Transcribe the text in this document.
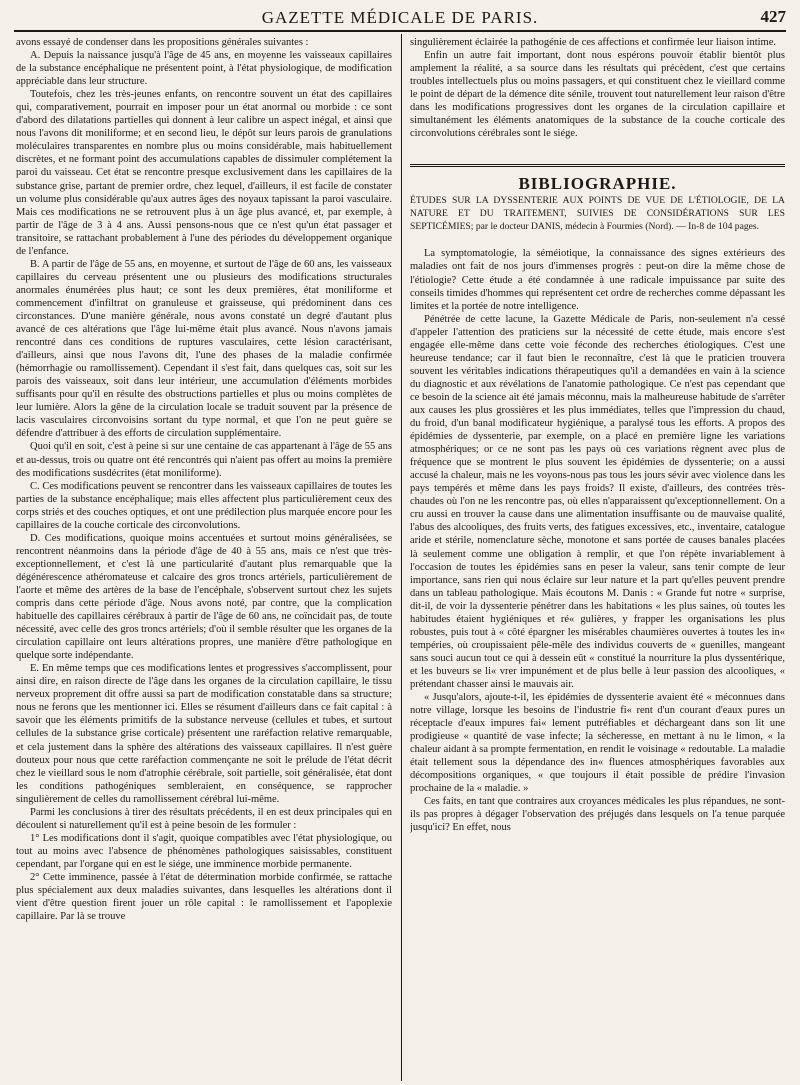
GAZETTE MÉDICALE DE PARIS.	427

avons essayé de condenser dans les propositions générales suivantes :

A. Depuis la naissance jusqu'à l'âge de 45 ans, en moyenne les vaisseaux capillaires de la substance encéphalique ne présentent point, à l'état physiologique, de modification appréciable dans leur structure.

Toutefois, chez les très-jeunes enfants, on rencontre souvent un état des capillaires qui, comparativement, pourrait en imposer pour un état anormal ou morbide : ce sont d'abord des dilatations partielles qui donnent à leur calibre un aspect inégal, et ainsi que nous l'avons dit moniliforme; et en second lieu, le dépôt sur leurs parois de granulations moléculaires transparentes en nombre plus ou moins considérable, mais habituellement discrètes, et ne formant point des accumulations capables de dissimuler complétement la paroi du vaisseau. Cet état se rencontre presque exclusivement dans les capillaires de la substance grise, partant de premier ordre, chez lequel, d'ailleurs, il est facile de constater un volume plus considérable qu'aux autres âges des noyaux tapissant la paroi vasculaire. Mais ces modifications ne se retrouvent plus à un âge plus avancé, et, par exemple, à partir de l'âge de 3 à 4 ans. Aussi pensons-nous que ce n'est qu'un état passager et transitoire, se rattachant probablement à l'une des périodes du développement organique de l'enfance.

B. A partir de l'âge de 55 ans, en moyenne, et surtout de l'âge de 60 ans, les vaisseaux capillaires du cerveau présentent une ou plusieurs des modifications structurales anormales énumérées plus haut; ce sont les deux premières, état moniliforme et commencement d'infiltrat on granuleuse et graisseuse, qui prédominent dans ces circonstances. D'une manière générale, nous avons constaté un degré d'autant plus avancé de ces altérations que l'âge lui-même était plus avancé. Nous n'avons jamais rencontré dans ces conditions de ruptures vasculaires, cette lésion caractérisant, d'ailleurs, ainsi que nous l'avons dit, l'une des phases de la maladie confirmée (hémorrhagie ou ramollissement). Cependant il s'est fait, dans quelques cas, soit sur les parois des vaisseaux, soit dans leur intérieur, une accumulation d'éléments morbides suffisants pour qu'il en résulte des obstructions partielles et plus ou moins complètes de leur lumière. Alors la gêne de la circulation locale se traduit souvent par la présence de lacis vasculaires circonvoisins sortant du type normal, et que l'on ne peut guère se défendre d'attribuer à des efforts de circulation supplémentaire.

Quoi qu'il en soit, c'est à peine si sur une centaine de cas appartenant à l'âge de 55 ans et au-dessus, trois ou quatre ont été rencontrés qui n'aient pas offert au moins la première des modifications susdécrites (état moniliforme).

C. Ces modifications peuvent se rencontrer dans les vaisseaux capillaires de toutes les parties de la substance encéphalique; mais elles affectent plus particulièrement ceux des corps striés et des couches optiques, et ont une prédilection plus marquée encore pour les capillaires de la couche corticale des circonvolutions.

D. Ces modifications, quoique moins accentuées et surtout moins généralisées, se rencontrent néanmoins dans la période d'âge de 40 à 55 ans, mais ce n'est que très-exceptionnellement, et c'est là une particularité d'autant plus remarquable que la dégénérescence athéromateuse et calcaire des gros troncs artériels, particulièrement de l'aorte et même des artères de la base de l'encéphale, s'observent surtout chez les sujets compris dans cette période d'âge. Nous avons noté, par contre, que la complication habituelle des capillaires cérébraux à partir de l'âge de 60 ans, ne coïncidait pas, de toute nécessité, avec celle des gros troncs artériels; d'où il semble résulter que les organes de la circulation capillaire ont leurs altérations propres, une manière d'être pathologique en quelque sorte indépendante.

E. En même temps que ces modifications lentes et progressives s'accomplissent, pour ainsi dire, en raison directe de l'âge dans les organes de la circulation capillaire, le tissu nerveux proprement dit offre aussi sa part de modification constatable dans sa structure; nous ne ferons que les mentionner ici. Elles se résument d'ailleurs dans ce fait capital : à savoir que les éléments primitifs de la substance nerveuse (cellules et tubes, et surtout cellules de la substance grise corticale) présentent une raréfaction relative remarquable, et cela justement dans la sphère des altérations des vaisseaux capillaires. Il n'est guère douteux pour nous que cette raréfaction commençante ne soit le prélude de l'état décrit chez le vieillard sous le nom d'atrophie cérébrale, soit partielle, soit généralisée, état dont les conditions pathogéniques sembleraient, en conséquence, se rapprocher singulièrement de celles du ramollissement cérébral lui-même.

Parmi les conclusions à tirer des résultats précédents, il en est deux principales qui en découlent si naturellement qu'il est à peine besoin de les formuler :

1° Les modifications dont il s'agit, quoique compatibles avec l'état physiologique, ou tout au moins avec l'absence de phénomènes pathologiques saisissables, constituent cependant, par l'organe qui en est le siége, une imminence morbide permanente.

2° Cette imminence, passée à l'état de détermination morbide confirmée, se rattache plus spécialement aux deux maladies suivantes, dans lesquelles les altérations dont il vient d'être question firent jouer un rôle capital : le ramollissement et l'apoplexie capillaire. Par là se trouve

singulièrement éclairée la pathogénie de ces affections et confirmée leur liaison intime.

Enfin un autre fait important, dont nous espérons pouvoir établir bientôt plus amplement la réalité, a sa source dans les résultats qui précèdent, c'est que certains troubles intellectuels plus ou moins passagers, et qui constituent chez le vieillard comme le point de départ de la démence dite sénile, trouvent tout naturellement leur raison d'être dans les modifications progressives dont les organes de la circulation capillaire et simultanément les éléments anatomiques de la substance de la couche corticale des circonvolutions cérébrales sont le siége.

BIBLIOGRAPHIE.
ÉTUDES SUR LA DYSSENTERIE AUX POINTS DE VUE DE L'ÉTIOLOGIE, DE LA NATURE ET DU TRAITEMENT, SUIVIES DE CONSIDÉRATIONS SUR LES SEPTICÉMIES; par le docteur DANIS, médecin à Fourmies (Nord). — In-8 de 104 pages.

La symptomatologie, la séméiotique, la connaissance des signes extérieurs des maladies ont fait de nos jours d'immenses progrès : peut-on dire la même chose de l'étiologie? Cette étude a été condamnée à une radicale impuissance par suite des conseils timides d'hommes qui représentent cet ordre de recherches comme dépassant les limites et la portée de notre intelligence.

Pénétrée de cette lacune, la Gazette Médicale de Paris, non-seulement n'a cessé d'appeler l'attention des praticiens sur la nécessité de cette étude, mais encore s'est engagée elle-même dans cette voie féconde des recherches étiologiques. C'est une heureuse tendance; car il faut bien le reconnaître, c'est là que le praticien trouvera souvent les véritables indications thérapeutiques qu'il a demandées en vain à la science du diagnostic et aux révélations de l'anatomie pathologique. Ce n'est pas cependant que ce besoin de la science ait été jamais méconnu, mais la malheureuse habitude de s'arrêter aux causes les plus grossières et les plus immédiates, telles que l'impression du chaud, du froid, d'un banal modificateur hygiénique, a paralysé tous les efforts. A propos des épidémies de dyssenterie, par exemple, on a placé en première ligne les variations atmosphériques; or ce ne sont pas les pays où ces variations règnent avec plus de fréquence que se montrent le plus souvent les épidémies de dyssenterie; on a aussi accusé la chaleur, mais ne les voyons-nous pas tous les jours sévir avec violence dans les pays tempérés et même dans les pays froids? Il existe, d'ailleurs, des contrées très-chaudes où l'on ne les rencontre pas, où elles n'apparaissent qu'exceptionnellement. On a cru aussi en trouver la cause dans une alimentation insuffisante ou de mauvaise qualité, l'abus des alcooliques, des fruits verts, des fatigues excessives, etc., inventaire, catalogue aride et stérile, nomenclature sèche, monotone et sans portée de causes banales placées là seulement comme une obligation à remplir, et que l'on répète invariablement à l'occasion de toutes les épidémies sans en peser la valeur, sans tenir compte de leur importance, sans rien qui nous éclaire sur leur nature et la part qu'elles peuvent prendre dans un tableau pathologique. Mais écoutons M. Danis : « Grande fut notre « surprise, dit-il, de voir la dyssenterie pénétrer dans les habitations « les plus saines, où toutes les habitudes étaient hygiéniques et ré« gulières, y frapper les organisations les plus robustes, puis tout à « côté épargner les misérables chaumières ouvertes à toutes les in« tempéries, où croupissaient pêle-mêle des individus couverts de « guenilles, mangeant sans souci aucun tout ce qui à dessein eût « constitué la nourriture la plus dyssentérique, et les buveurs se li« vrer impunément et de plus belle à leur passion des alcooliques, « prétendant chasser ainsi le mauvais air.

« Jusqu'alors, ajoute-t-il, les épidémies de dyssenterie avaient été « méconnues dans notre village, lorsque les besoins de l'industrie fi« rent d'un courant d'eaux pures un réceptacle d'eaux impures fai« lement putréfiables et déchargeant dans son lit une prodigieuse « quantité de vase infecte; la sécheresse, en mettant à nu le limon, « la chaleur aidant à sa prompte fermentation, en rendit le voisinage « redoutable. La maladie était tellement sous la dépendance des in« fluences atmosphériques favorables aux décompositions organiques, « que toujours il était possible de prédire l'invasion prochaine de la « maladie. »

Ces faits, en tant que contraires aux croyances médicales les plus répandues, ne sont-ils pas propres à dégager l'observation des préjugés dans lesquels on l'a tenue parquée jusqu'ici? En effet, nous
